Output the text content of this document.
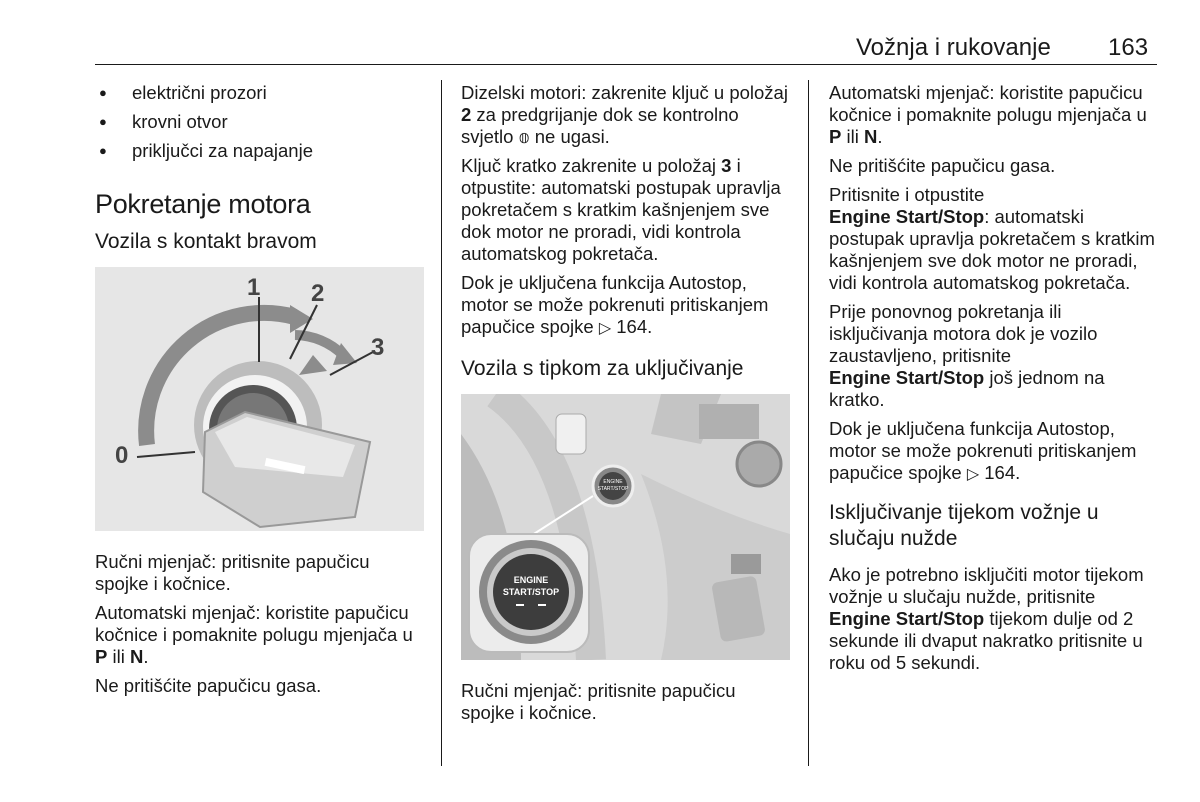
Vožnja i rukovanje 163
● električni prozori
● krovni otvor
● priključci za napajanje
Pokretanje motora
Vozila s kontakt bravom
1 2
3
0

Ručni mjenjač: pritisnite papučicu spojke i kočnice.

Automatski mjenjač: koristite papučicu kočnice i pomaknite polugu mjenjača u P ili N.

Ne pritišćite papučicu gasa.

Dizelski motori: zakrenite ključ u položaj 2 za predgrijanje dok se kontrolno svjetlo 𝕠 ne ugasi.

Ključ kratko zakrenite u položaj 3 i otpustite: automatski postupak upravlja pokretačem s kratkim kašnjenjem sve dok motor ne proradi, vidi kontrola automatskog pokretača.

Dok je uključena funkcija Autostop, motor se može pokrenuti pritiskanjem papučice spojke ▷ 164.

Vozila s tipkom za uključivanje
ENGINE
START/STOP
ENGINE
START/STOP

Ručni mjenjač: pritisnite papučicu spojke i kočnice.

Automatski mjenjač: koristite papučicu kočnice i pomaknite polugu mjenjača u P ili N.

Ne pritišćite papučicu gasa.

Pritisnite i otpustite
Engine Start/Stop: automatski postupak upravlja pokretačem s kratkim kašnjenjem sve dok motor ne proradi, vidi kontrola automatskog pokretača.

Prije ponovnog pokretanja ili isključivanja motora dok je vozilo zaustavljeno, pritisnite
Engine Start/Stop još jednom na kratko.

Dok je uključena funkcija Autostop, motor se može pokrenuti pritiskanjem papučice spojke ▷ 164.

Isključivanje tijekom vožnje u slučaju nužde

Ako je potrebno isključiti motor tijekom vožnje u slučaju nužde, pritisnite Engine Start/Stop tijekom dulje od 2 sekunde ili dvaput nakratko pritisnite u roku od 5 sekundi.
